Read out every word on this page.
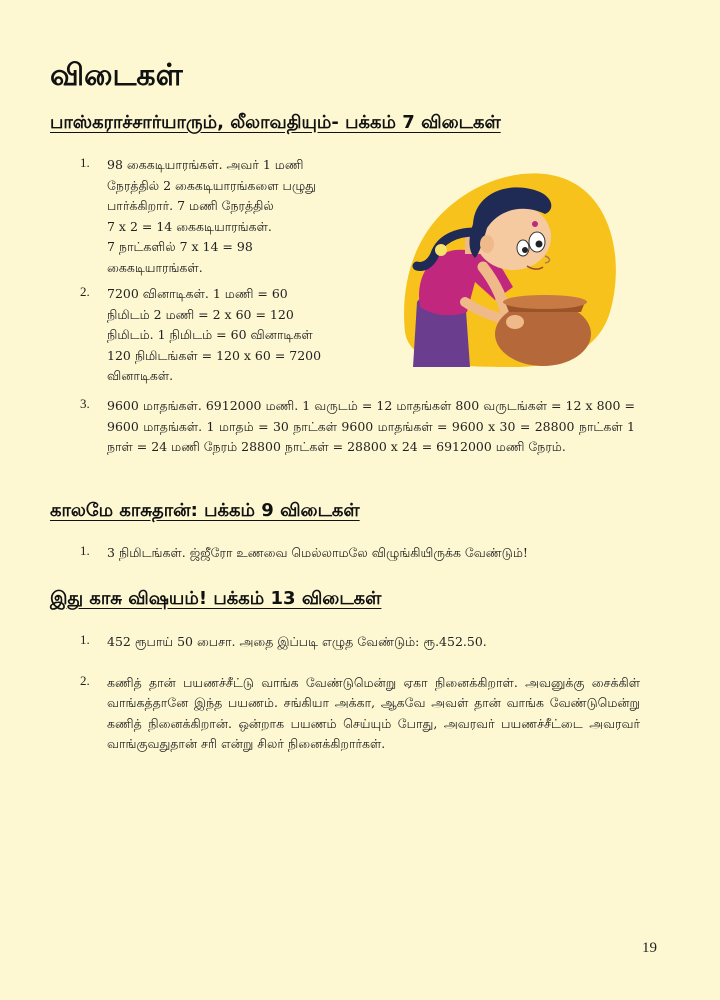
விடைகள்
பாஸ்கராச்சார்யாரும், லீலாவதியும்- பக்கம் 7 விடைகள்
1. 98 கைகடியாரங்கள். அவர் 1 மணி
நேரத்தில் 2 கைகடியாரங்களை பழுது
பார்க்கிறார். 7 மணி நேரத்தில்
7 x 2 = 14 கைகடியாரங்கள்.
7 நாட்களில் 7 x 14 = 98
கைகடியாரங்கள்.
2. 7200 வினாடிகள். 1 மணி = 60
நிமிடம் 2 மணி = 2 x 60 = 120
நிமிடம். 1 நிமிடம் = 60 வினாடிகள்
120 நிமிடங்கள் = 120 x 60 = 7200
வினாடிகள்.
3. 9600 மாதங்கள். 6912000 மணி. 1 வருடம் = 12 மாதங்கள் 800 வருடங்கள் = 12 x 800 = 9600 மாதங்கள். 1 மாதம் = 30 நாட்கள் 9600 மாதங்கள் = 9600 x 30 = 28800 நாட்கள் 1 நாள் = 24 மணி நேரம் 28800 நாட்கள் = 28800 x 24 = 6912000 மணி நேரம்.
காலமே காசுதான்: பக்கம் 9 விடைகள்
1. 3 நிமிடங்கள். ஜ்ஜீரோ உணவை மெல்லாமலே விழுங்கியிருக்க வேண்டும்!
இது காசு விஷயம்! பக்கம் 13 விடைகள்
1. 452 ரூபாய் 50 பைசா. அதை இப்படி எழுத வேண்டும்: ரூ.452.50.
2. கணித் தான் பயணச்சீட்டு வாங்க வேண்டுமென்று ஏகா நினைக்கிறாள். அவனுக்கு சைக்கிள் வாங்கத்தானே இந்த பயணம். சங்கியா அக்கா, ஆகவே அவள் தான் வாங்க வேண்டுமென்று கணித் நினைக்கிறான். ஒன்றாக பயணம் செய்யும் போது, அவரவர் பயணச்சீட்டை அவரவர் வாங்குவதுதான் சரி என்று சிலர் நினைக்கிறார்கள்.
19
